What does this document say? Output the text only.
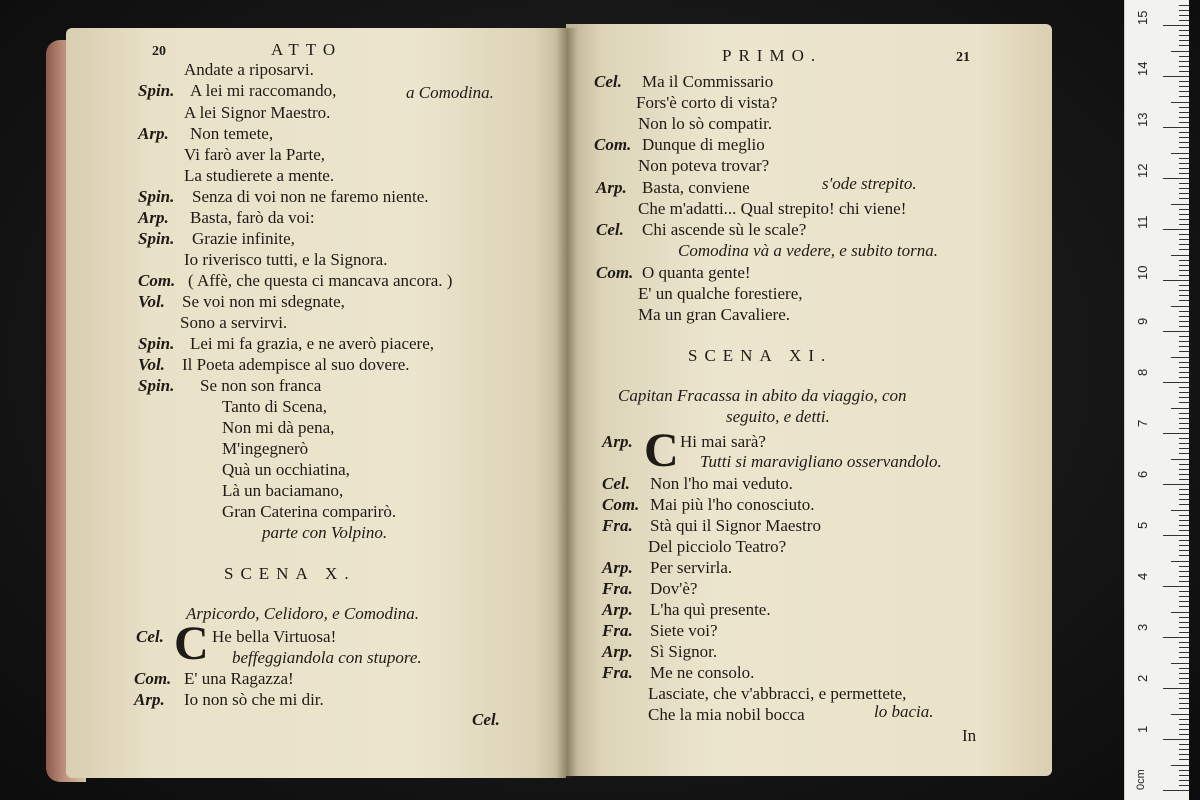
20	ATTO
Andate a riposarvi.
Spin. A lei mi raccomando,	a Comodina.
A lei Signor Maestro.
Arp. Non temete,
Vi farò aver la Parte,
La studierete a mente.
Spin. Senza di voi non ne faremo niente.
Arp. Basta, farò da voi:
Spin. Grazie infinite,
Io riverisco tutti, e la Signora.
Com. ( Affè, che questa ci mancava ancora. )
Vol. Se voi non mi sdegnate,
Sono a servirvi.
Spin. Lei mi fa grazia, e ne averò piacere,
Vol. Il Poeta adempisce al suo dovere.
Spin. Se non son franca
Tanto di Scena,
Non mi dà pena,
M'ingegnerò
Quà un occhiatina,
Là un baciamano,
Gran Caterina comparirò.
parte con Volpino.
SCENA X.
Arpicordo, Celidoro, e Comodina.
Cel. C He bella Virtuosa!
beffeggiandola con stupore.
Com. E' una Ragazza!
Arp. Io non sò che mi dir.
Cel.
PRIMO.	21
Cel. Ma il Commissario
Fors'è corto di vista?
Non lo sò compatir.
Com. Dunque di meglio
Non poteva trovar?
Arp. Basta, conviene	s'ode strepito.
Che m'adatti... Qual strepito! chi viene!
Cel. Chi ascende sù le scale?
Comodina và a vedere, e subito torna.
Com. O quanta gente!
E' un qualche forestiere,
Ma un gran Cavaliere.
SCENA XI.
Capitan Fracassa in abito da viaggio, con
seguito, e detti.
Arp. C Hi mai sarà?
Tutti si maravigliano osservandolo.
Cel. Non l'ho mai veduto.
Com. Mai più l'ho conosciuto.
Fra. Stà qui il Signor Maestro
Del picciolo Teatro?
Arp. Per servirla.
Fra. Dov'è?
Arp. L'ha quì presente.
Fra. Siete voi?
Arp. Sì Signor.
Fra. Me ne consolo.
Lasciate, che v'abbracci, e permettete,
Che la mia nobil bocca	lo bacia.
In
0cm
1
2
3
4
5
6
7
8
9
10
11
12
13
14
15
